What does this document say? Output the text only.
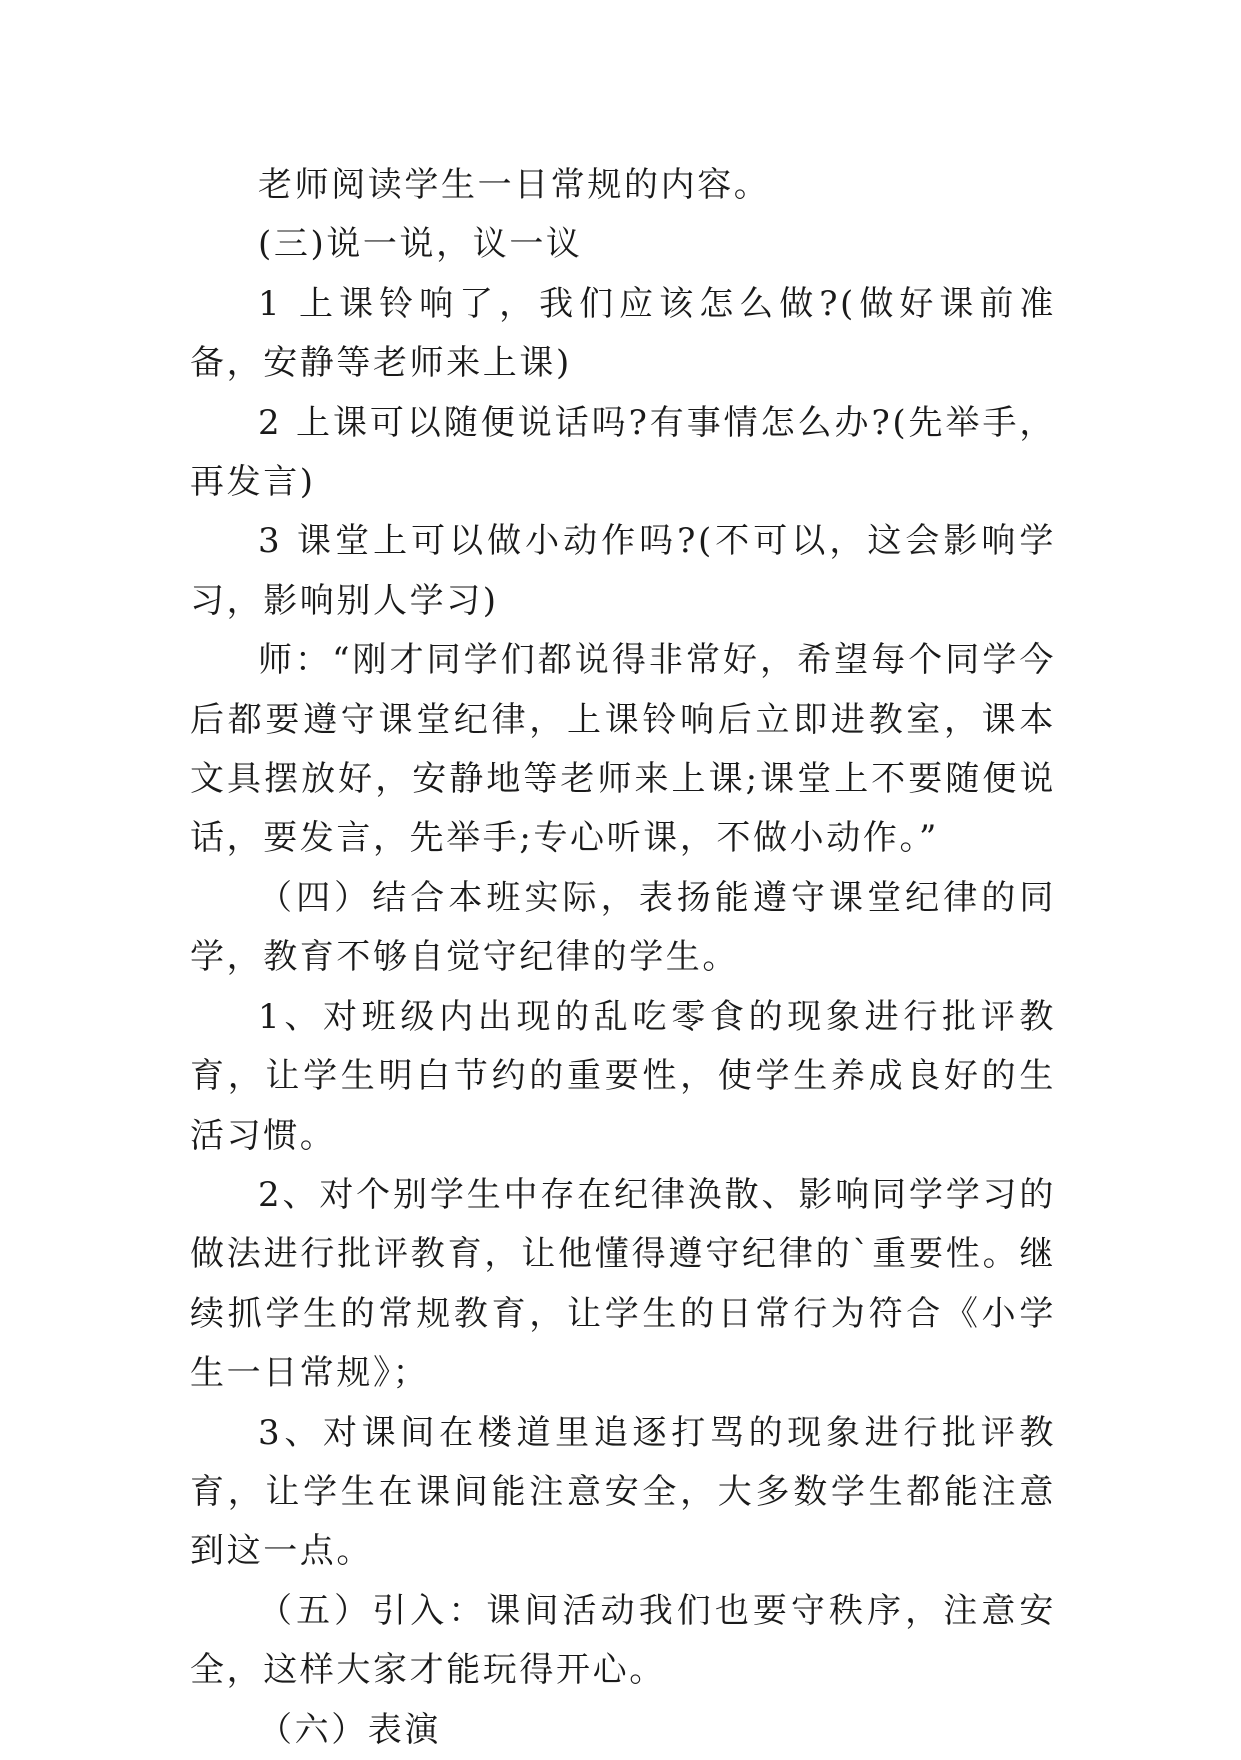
老师阅读学生一日常规的内容。

(三)说一说，议一议

1 上课铃响了，我们应该怎么做?(做好课前准备，安静等老师来上课)

2 上课可以随便说话吗?有事情怎么办?(先举手，再发言)

3 课堂上可以做小动作吗?(不可以，这会影响学习，影响别人学习)

师：“刚才同学们都说得非常好，希望每个同学今后都要遵守课堂纪律，上课铃响后立即进教室，课本文具摆放好，安静地等老师来上课;课堂上不要随便说话，要发言，先举手;专心听课，不做小动作。”

（四）结合本班实际，表扬能遵守课堂纪律的同学，教育不够自觉守纪律的学生。

1、对班级内出现的乱吃零食的现象进行批评教育，让学生明白节约的重要性，使学生养成良好的生活习惯。

2、对个别学生中存在纪律涣散、影响同学学习的做法进行批评教育，让他懂得遵守纪律的`重要性。继续抓学生的常规教育，让学生的日常行为符合《小学生一日常规》；

3、对课间在楼道里追逐打骂的现象进行批评教育，让学生在课间能注意安全，大多数学生都能注意到这一点。

（五）引入：课间活动我们也要守秩序，注意安全，这样大家才能玩得开心。

（六）表演
